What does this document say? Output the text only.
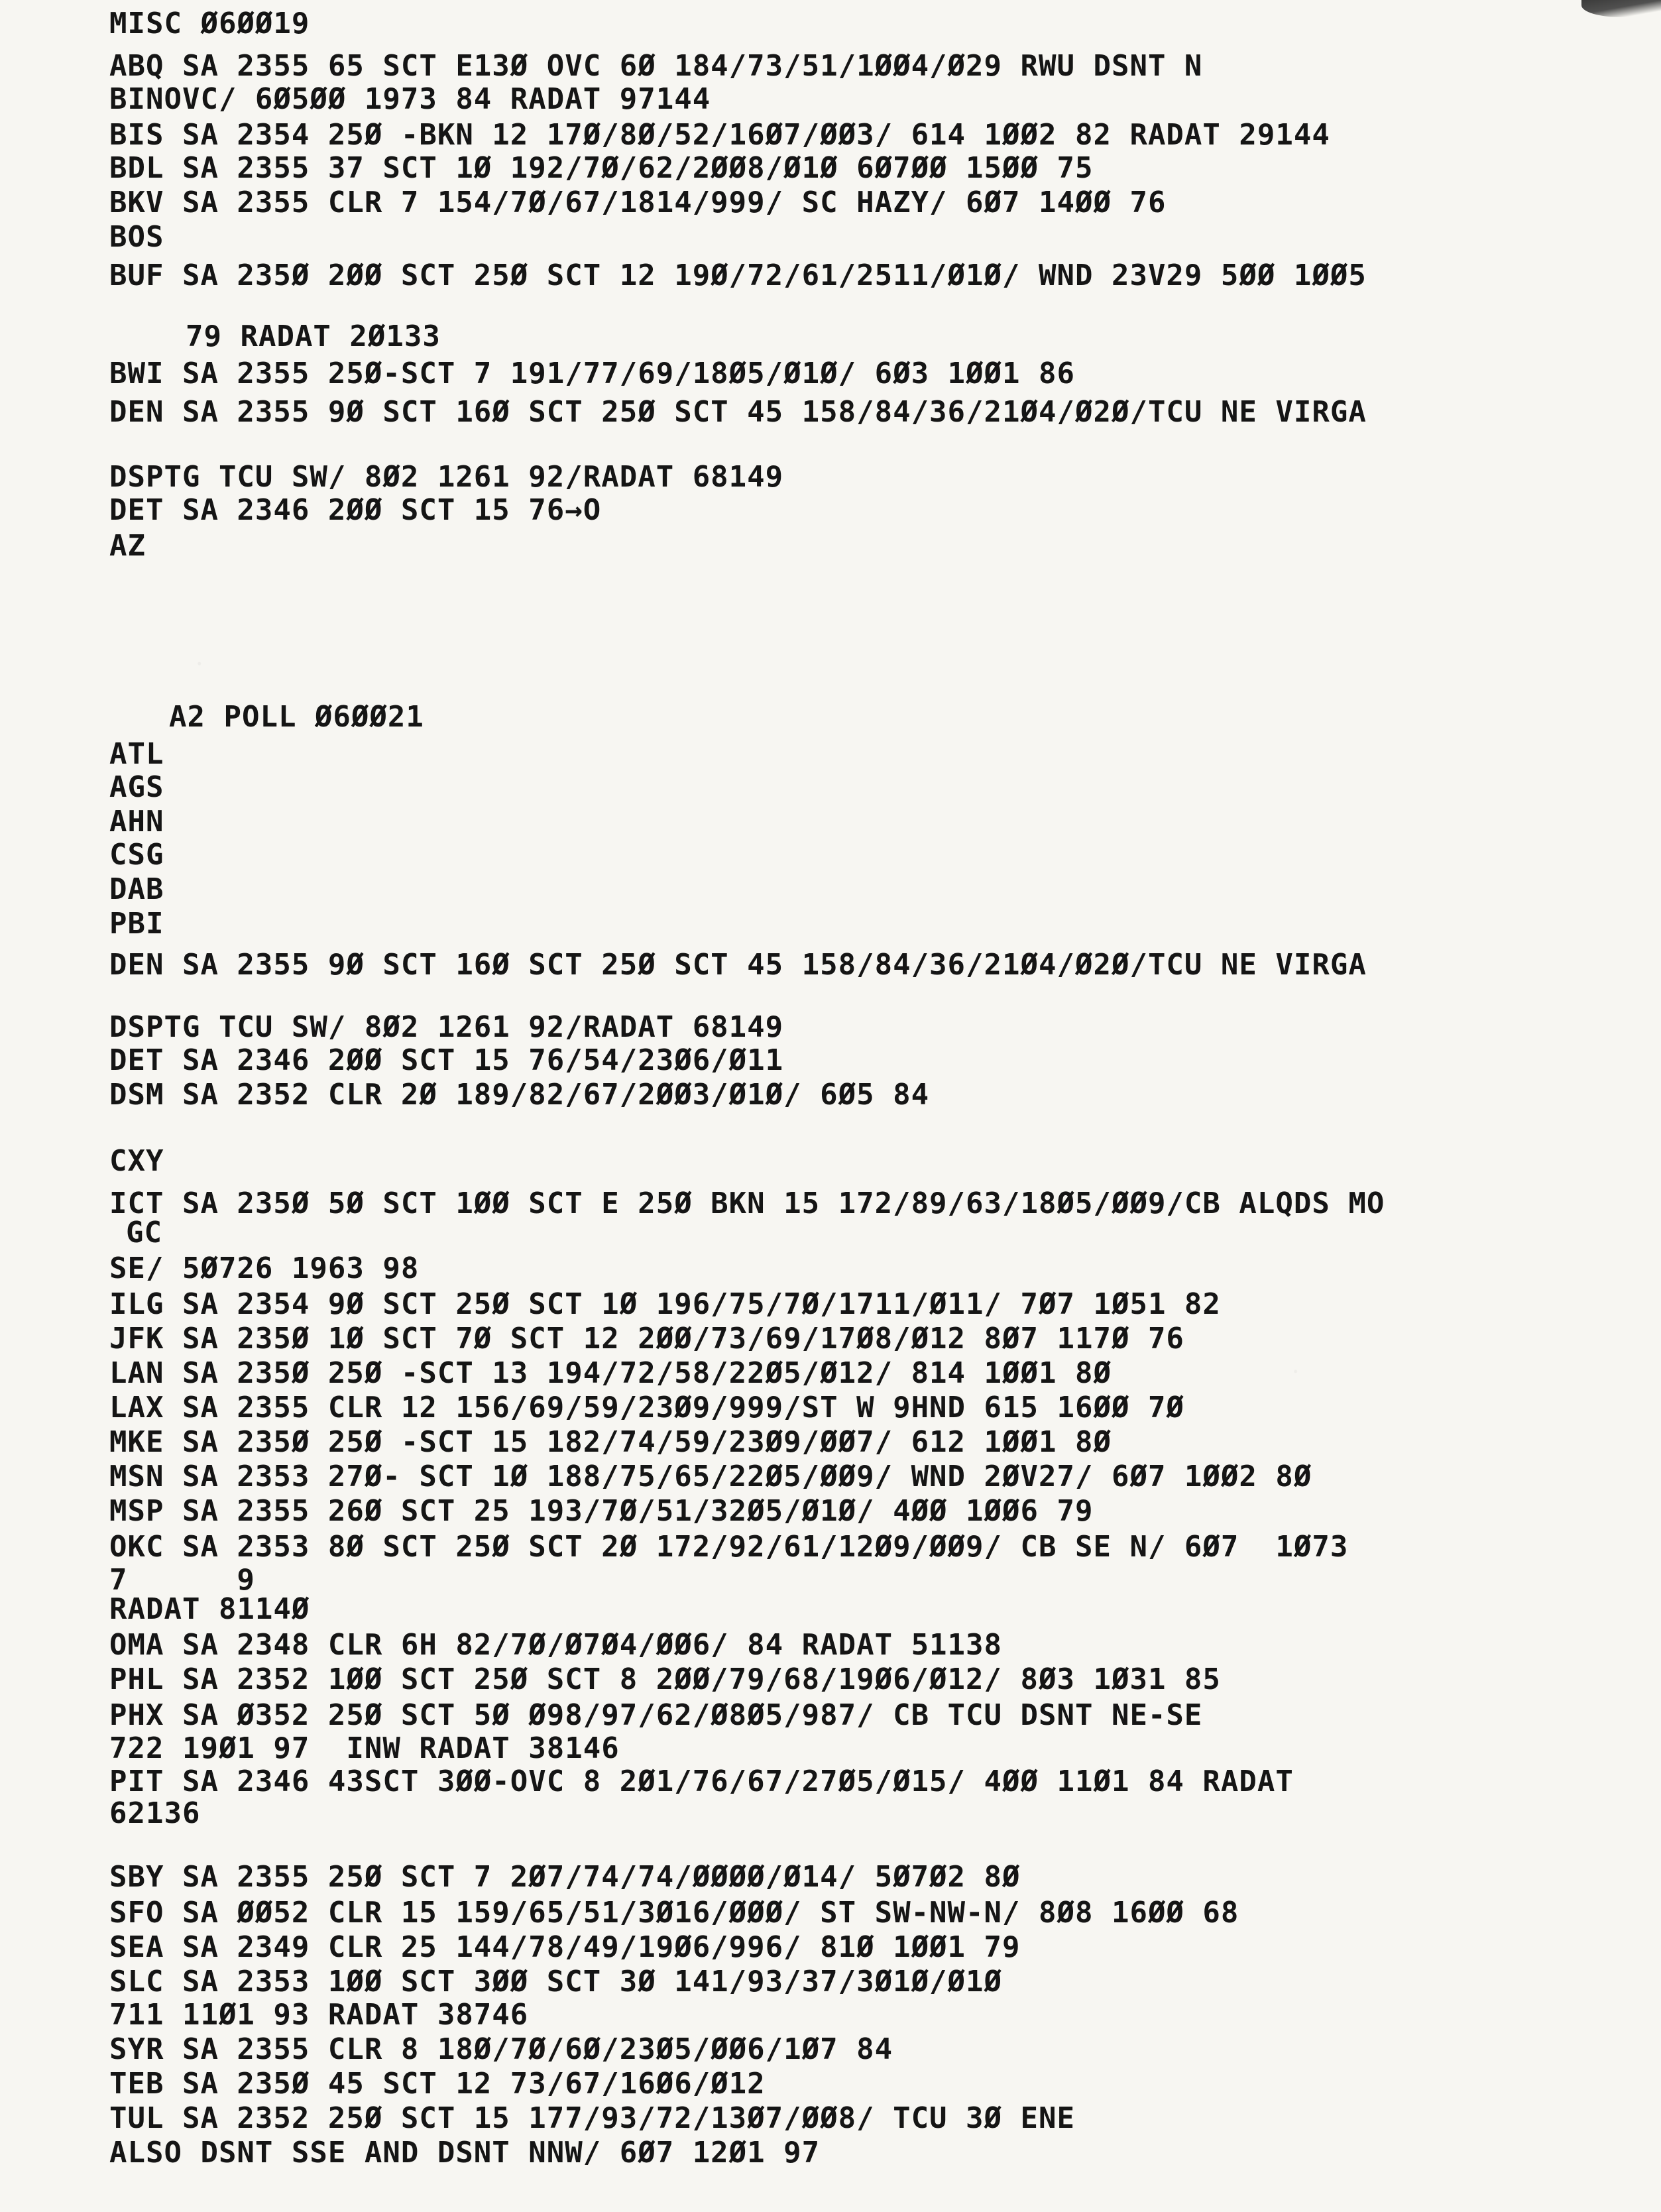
MISC Ø6ØØ19
ABQ SA 2355 65 SCT E13Ø OVC 6Ø 184/73/51/1ØØ4/Ø29 RWU DSNT N
BINOVC/ 6Ø5ØØ 1973 84 RADAT 97144
BIS SA 2354 25Ø -BKN 12 17Ø/8Ø/52/16Ø7/ØØ3/ 614 1ØØ2 82 RADAT 29144
BDL SA 2355 37 SCT 1Ø 192/7Ø/62/2ØØ8/Ø1Ø 6Ø7ØØ 15ØØ 75
BKV SA 2355 CLR 7 154/7Ø/67/1814/999/ SC HAZY/ 6Ø7 14ØØ 76
BOS
BUF SA 235Ø 2ØØ SCT 25Ø SCT 12 19Ø/72/61/2511/Ø1Ø/ WND 23V29 5ØØ 1ØØ5
79 RADAT 2Ø133
BWI SA 2355 25Ø-SCT 7 191/77/69/18Ø5/Ø1Ø/ 6Ø3 1ØØ1 86
DEN SA 2355 9Ø SCT 16Ø SCT 25Ø SCT 45 158/84/36/21Ø4/Ø2Ø/TCU NE VIRGA
DSPTG TCU SW/ 8Ø2 1261 92/RADAT 68149
DET SA 2346 2ØØ SCT 15 76→O
AZ
A2 POLL Ø6ØØ21
ATL
AGS
AHN
CSG
DAB
PBI
DEN SA 2355 9Ø SCT 16Ø SCT 25Ø SCT 45 158/84/36/21Ø4/Ø2Ø/TCU NE VIRGA
DSPTG TCU SW/ 8Ø2 1261 92/RADAT 68149
DET SA 2346 2ØØ SCT 15 76/54/23Ø6/Ø11
DSM SA 2352 CLR 2Ø 189/82/67/2ØØ3/Ø1Ø/ 6Ø5 84
CXY
ICT SA 235Ø 5Ø SCT 1ØØ SCT E 25Ø BKN 15 172/89/63/18Ø5/ØØ9/CB ALQDS MO
GC
SE/ 5Ø726 1963 98
ILG SA 2354 9Ø SCT 25Ø SCT 1Ø 196/75/7Ø/1711/Ø11/ 7Ø7 1Ø51 82
JFK SA 235Ø 1Ø SCT 7Ø SCT 12 2ØØ/73/69/17Ø8/Ø12 8Ø7 117Ø 76
LAN SA 235Ø 25Ø -SCT 13 194/72/58/22Ø5/Ø12/ 814 1ØØ1 8Ø
LAX SA 2355 CLR 12 156/69/59/23Ø9/999/ST W 9HND 615 16ØØ 7Ø
MKE SA 235Ø 25Ø -SCT 15 182/74/59/23Ø9/ØØ7/ 612 1ØØ1 8Ø
MSN SA 2353 27Ø- SCT 1Ø 188/75/65/22Ø5/ØØ9/ WND 2ØV27/ 6Ø7 1ØØ2 8Ø
MSP SA 2355 26Ø SCT 25 193/7Ø/51/32Ø5/Ø1Ø/ 4ØØ 1ØØ6 79
OKC SA 2353 8Ø SCT 25Ø SCT 2Ø 172/92/61/12Ø9/ØØ9/ CB SE N/ 6Ø7  1Ø73
7      9
RADAT 8114Ø
OMA SA 2348 CLR 6H 82/7Ø/Ø7Ø4/ØØ6/ 84 RADAT 51138
PHL SA 2352 1ØØ SCT 25Ø SCT 8 2ØØ/79/68/19Ø6/Ø12/ 8Ø3 1Ø31 85
PHX SA Ø352 25Ø SCT 5Ø Ø98/97/62/Ø8Ø5/987/ CB TCU DSNT NE-SE
722 19Ø1 97  INW RADAT 38146
PIT SA 2346 43SCT 3ØØ-OVC 8 2Ø1/76/67/27Ø5/Ø15/ 4ØØ 11Ø1 84 RADAT
62136
SBY SA 2355 25Ø SCT 7 2Ø7/74/74/ØØØØ/Ø14/ 5Ø7Ø2 8Ø
SFO SA ØØ52 CLR 15 159/65/51/3Ø16/ØØØ/ ST SW-NW-N/ 8Ø8 16ØØ 68
SEA SA 2349 CLR 25 144/78/49/19Ø6/996/ 81Ø 1ØØ1 79
SLC SA 2353 1ØØ SCT 3ØØ SCT 3Ø 141/93/37/3Ø1Ø/Ø1Ø
711 11Ø1 93 RADAT 38746
SYR SA 2355 CLR 8 18Ø/7Ø/6Ø/23Ø5/ØØ6/1Ø7 84
TEB SA 235Ø 45 SCT 12 73/67/16Ø6/Ø12
TUL SA 2352 25Ø SCT 15 177/93/72/13Ø7/ØØ8/ TCU 3Ø ENE
ALSO DSNT SSE AND DSNT NNW/ 6Ø7 12Ø1 97
